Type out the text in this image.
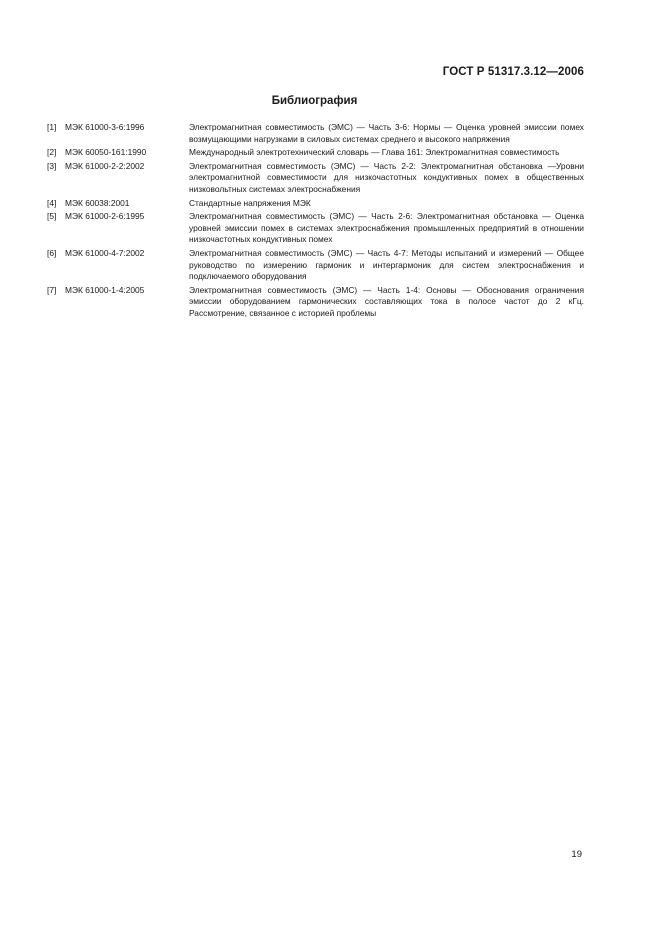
ГОСТ Р 51317.3.12—2006
Библиография
[1]	МЭК 61000-3-6:1996	Электромагнитная совместимость (ЭМС) — Часть 3-6: Нормы — Оценка уровней эмиссии помех возмущающими нагрузками в силовых системах среднего и высокого напряжения
[2]	МЭК 60050-161:1990	Международный электротехнический словарь — Глава 161: Электромагнитная совместимость
[3]	МЭК 61000-2-2:2002	Электромагнитная совместимость (ЭМС) — Часть 2-2: Электромагнитная обстановка —Уровни электромагнитной совместимости для низкочастотных кондуктивных помех в общественных низковольтных системах электроснабжения
[4]	МЭК 60038:2001	Стандартные напряжения МЭК
[5]	МЭК 61000-2-6:1995	Электромагнитная совместимость (ЭМС) — Часть 2-6: Электромагнитная обстановка — Оценка уровней эмиссии помех в системах электроснабжения промышленных предприятий в отношении низкочастотных кондуктивных помех
[6]	МЭК 61000-4-7:2002	Электромагнитная совместимость (ЭМС) — Часть 4-7: Методы испытаний и измерений — Общее руководство по измерению гармоник и интергармоник для систем электроснабжения и подключаемого оборудования
[7]	МЭК 61000-1-4:2005	Электромагнитная совместимость (ЭМС) — Часть 1-4: Основы — Обоснования ограничения эмиссии оборудованием гармонических составляющих тока в полосе частот до 2 кГц. Рассмотрение, связанное с историей проблемы
19
